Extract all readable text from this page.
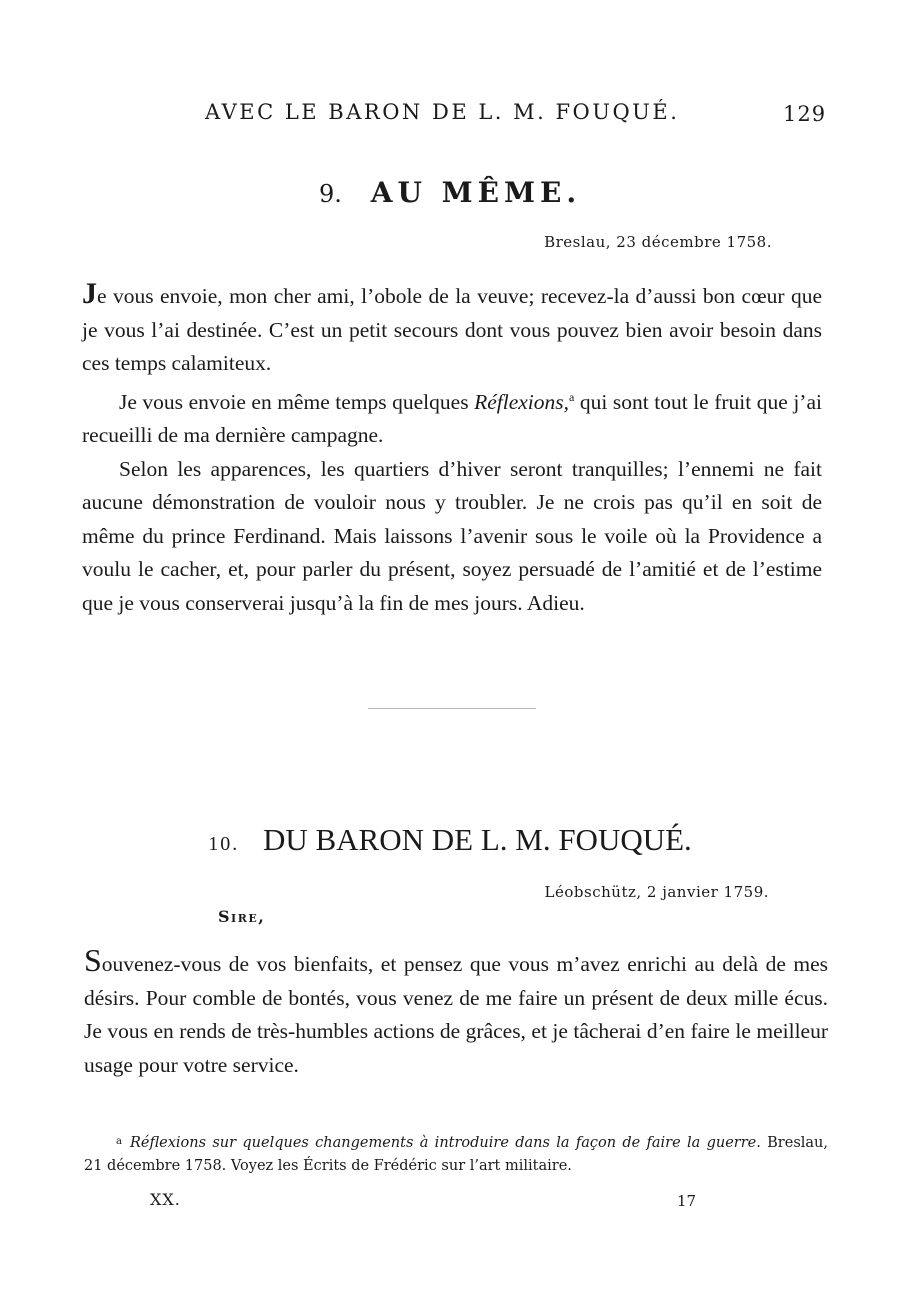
AVEC LE BARON DE L. M. FOUQUÉ.	129
9. AU MÊME.
Breslau, 23 décembre 1758.

Je vous envoie, mon cher ami, l’obole de la veuve; recevez-la d’aussi bon cœur que je vous l’ai destinée. C’est un petit secours dont vous pouvez bien avoir besoin dans ces temps calamiteux.

Je vous envoie en même temps quelques Réflexions,$^a$ qui sont tout le fruit que j’ai recueilli de ma dernière campagne.

Selon les apparences, les quartiers d’hiver seront tranquilles; l’ennemi ne fait aucune démonstration de vouloir nous y troubler. Je ne crois pas qu’il en soit de même du prince Ferdinand. Mais laissons l’avenir sous le voile où la Providence a voulu le cacher, et, pour parler du présent, soyez persuadé de l’amitié et de l’estime que je vous conserverai jusqu’à la fin de mes jours. Adieu.

10. DU BARON DE L. M. FOUQUÉ.
Léobschütz, 2 janvier 1759.
Sire,

Souvenez-vous de vos bienfaits, et pensez que vous m’avez enrichi au delà de mes désirs. Pour comble de bontés, vous venez de me faire un présent de deux mille écus. Je vous en rends de très-humbles actions de grâces, et je tâcherai d’en faire le meilleur usage pour votre service.

$^a$ Réflexions sur quelques changements à introduire dans la façon de faire la guerre. Breslau, 21 décembre 1758. Voyez les Écrits de Frédéric sur l’art militaire.
XX.	17
